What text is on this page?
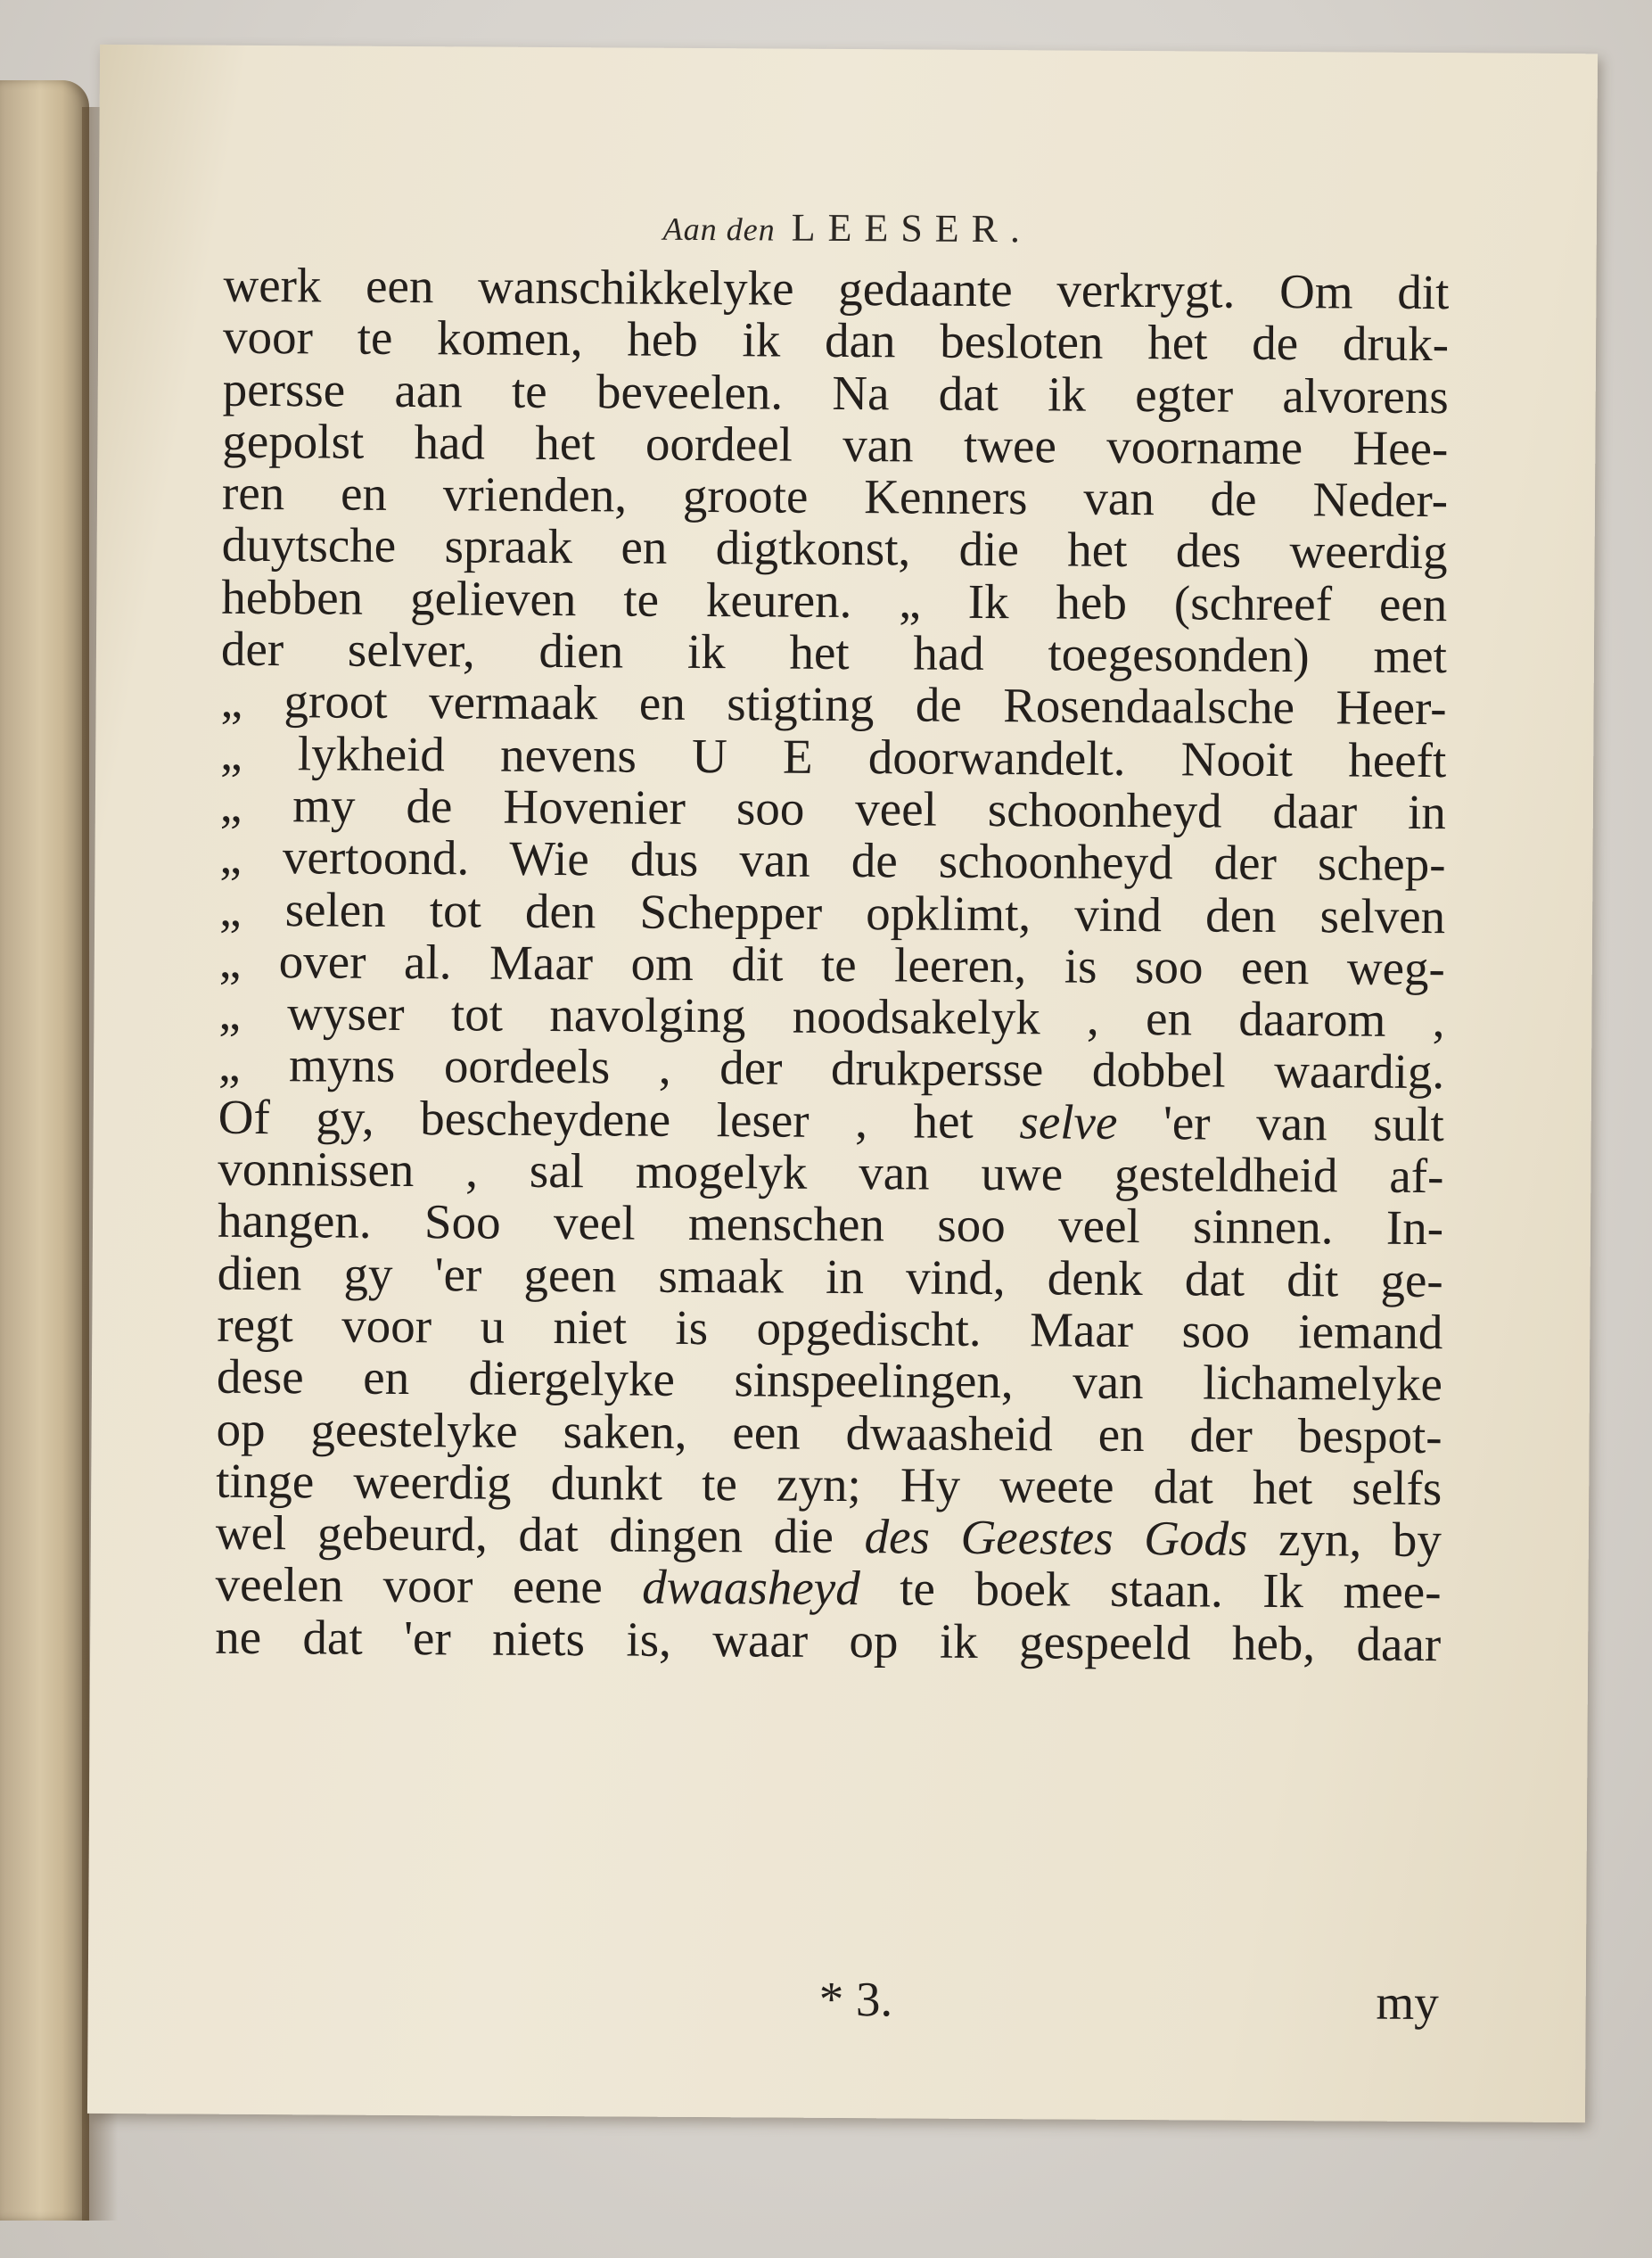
Aan den LEESER.
werk een wanschikkelyke gedaante verkrygt. Om dit
voor te komen, heb ik dan besloten het de druk-
persse aan te beveelen. Na dat ik egter alvorens
gepolst had het oordeel van twee voorname Hee-
ren en vrienden, groote Kenners van de Neder-
duytsche spraak en digtkonst, die het des weerdig
hebben gelieven te keuren. „ Ik heb (schreef een
der selver, dien ik het had toegesonden) met
„ groot vermaak en stigting de Rosendaalsche Heer-
„ lykheid nevens U E doorwandelt. Nooit heeft
„ my de Hovenier soo veel schoonheyd daar in
„ vertoond. Wie dus van de schoonheyd der schep-
„ selen tot den Schepper opklimt, vind den selven
„ over al. Maar om dit te leeren, is soo een weg-
„ wyser tot navolging noodsakelyk , en daarom ,
„ myns oordeels , der drukpersse dobbel waardig.
Of gy, bescheydene leser , het selve 'er van sult
vonnissen , sal mogelyk van uwe gesteldheid af-
hangen. Soo veel menschen soo veel sinnen. In-
dien gy 'er geen smaak in vind, denk dat dit ge-
regt voor u niet is opgedischt. Maar soo iemand
dese en diergelyke sinspeelingen, van lichamelyke
op geestelyke saken, een dwaasheid en der bespot-
tinge weerdig dunkt te zyn; Hy weete dat het selfs
wel gebeurd, dat dingen die des Geestes Gods zyn, by
veelen voor eene dwaasheyd te boek staan. Ik mee-
ne dat 'er niets is, waar op ik gespeeld heb, daar
* 3.	my
